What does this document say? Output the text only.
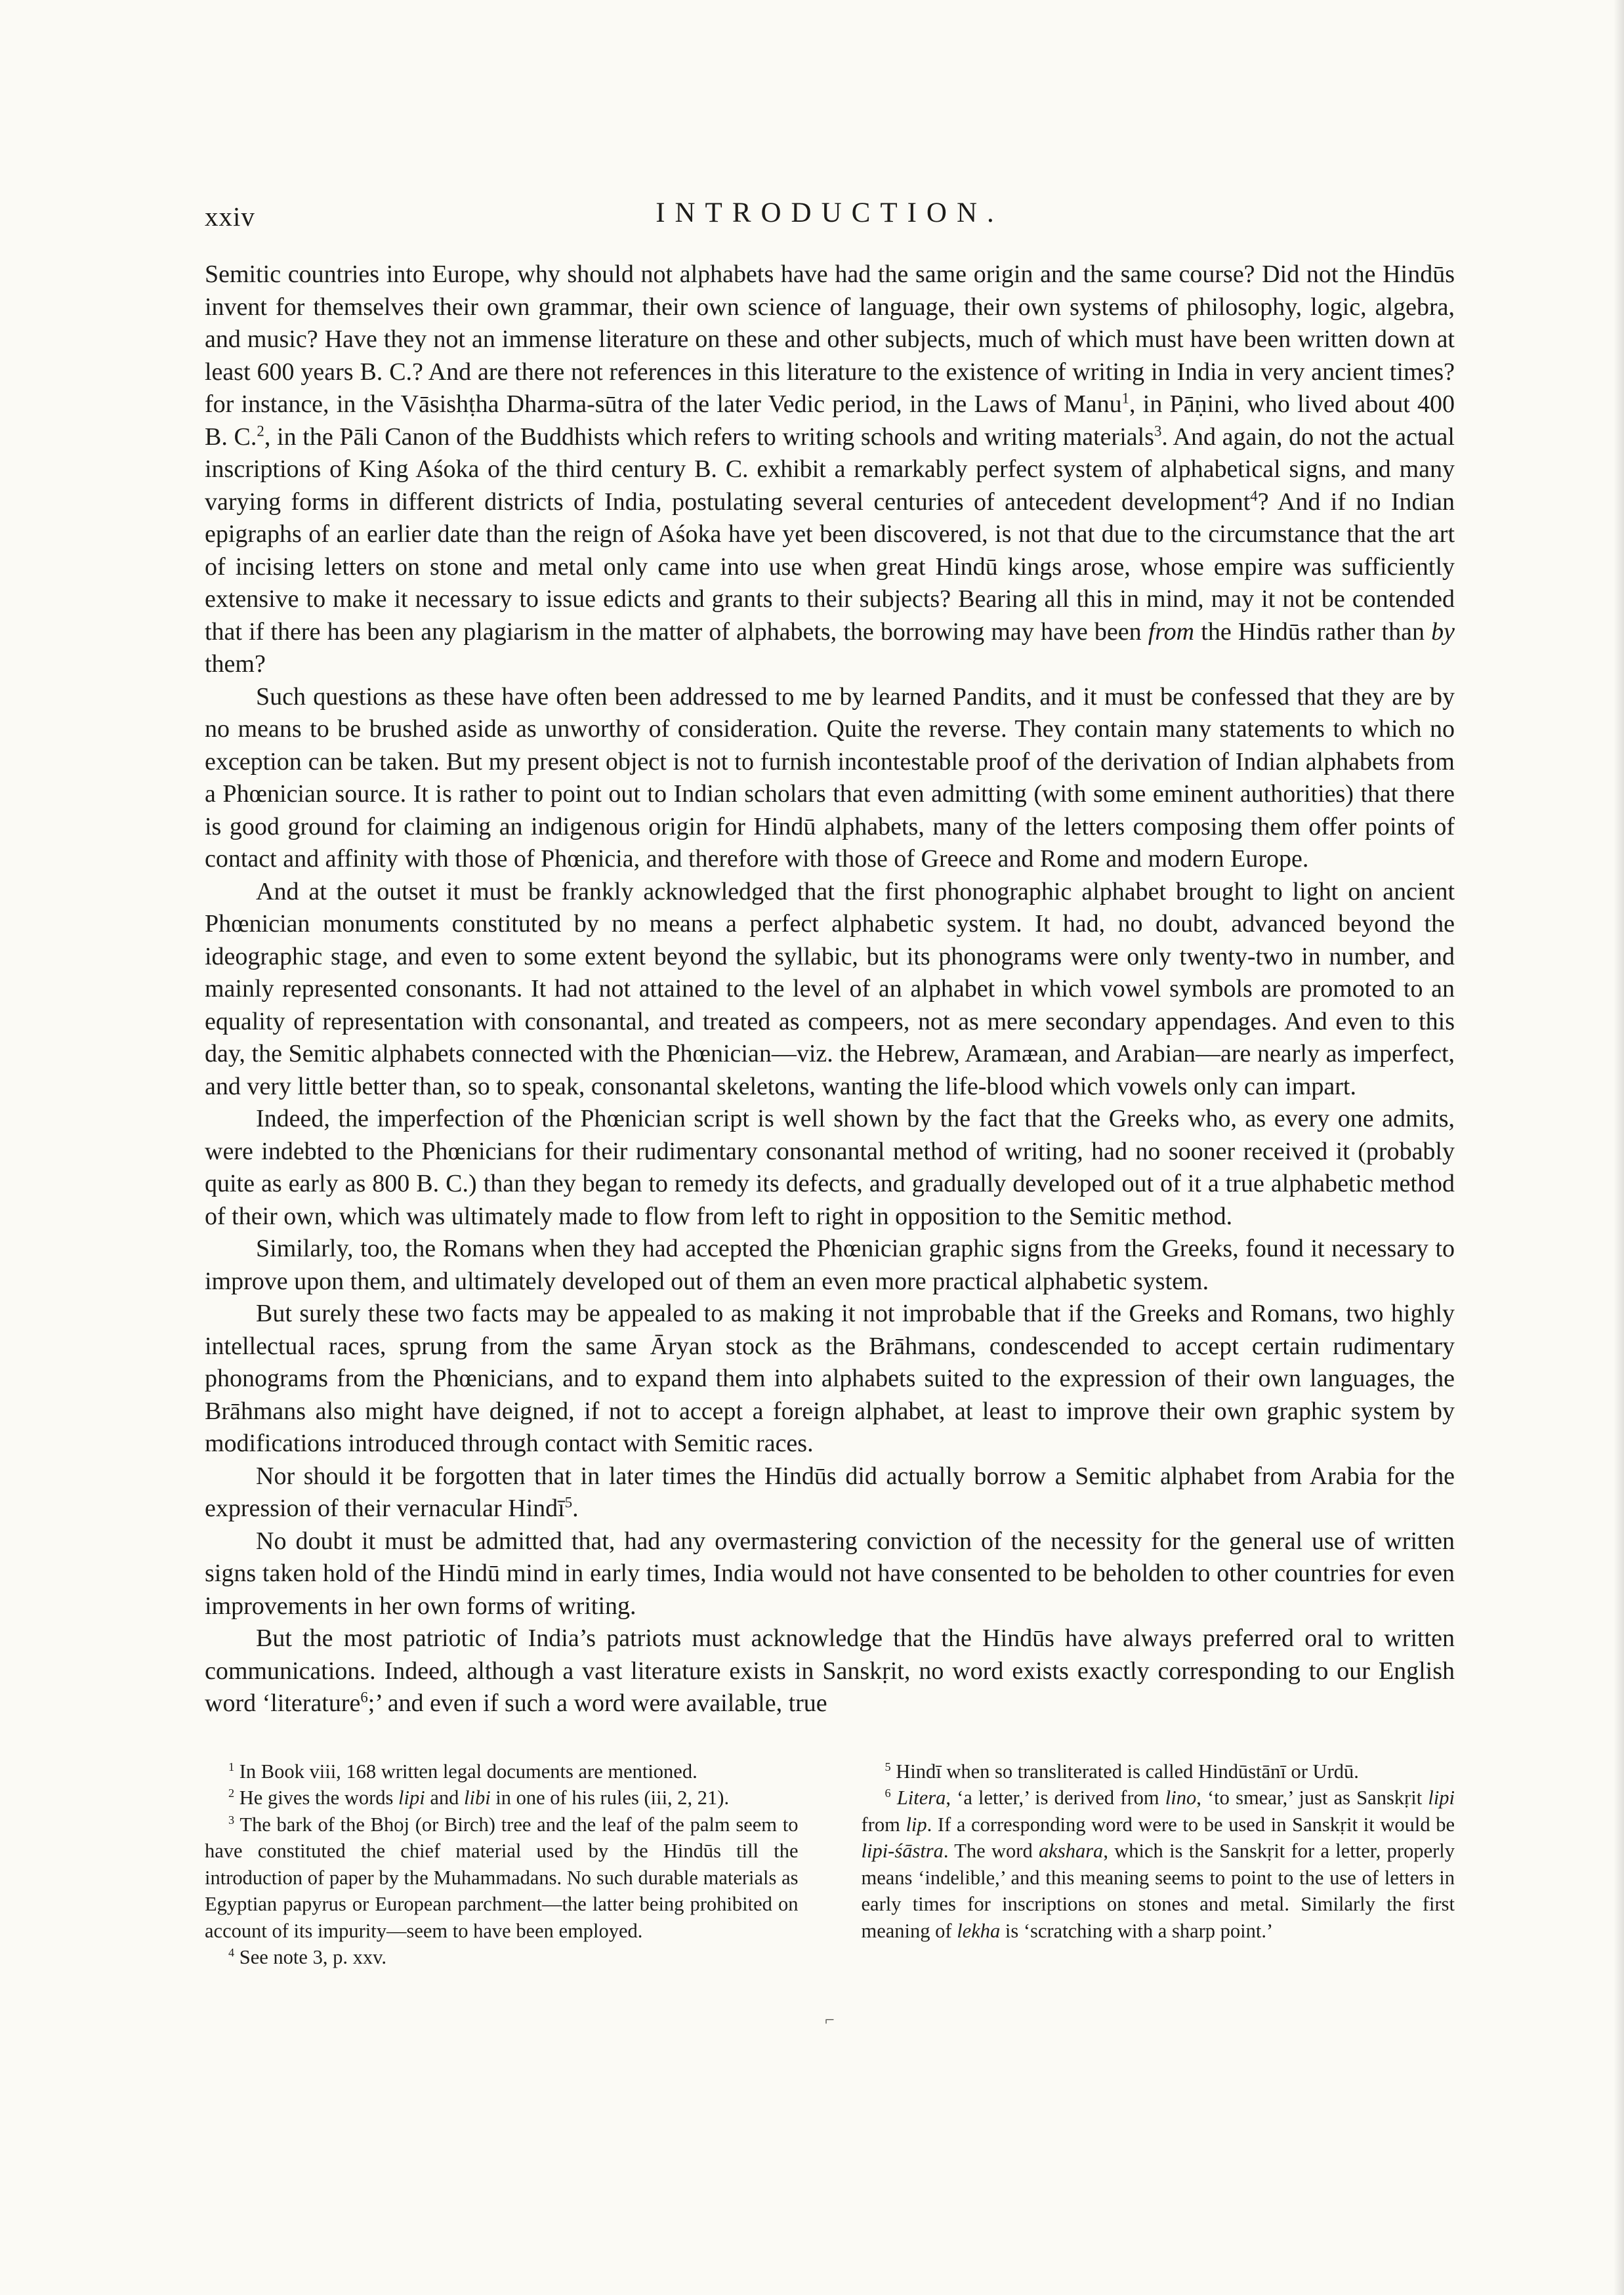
xxiv	INTRODUCTION.

Semitic countries into Europe, why should not alphabets have had the same origin and the same course? Did not the Hindūs invent for themselves their own grammar, their own science of language, their own systems of philosophy, logic, algebra, and music? Have they not an immense literature on these and other subjects, much of which must have been written down at least 600 years B. C.? And are there not references in this literature to the existence of writing in India in very ancient times? for instance, in the Vāsishṭha Dharma-sūtra of the later Vedic period, in the Laws of Manu$^1$, in Pāṇini, who lived about 400 B. C.$^2$, in the Pāli Canon of the Buddhists which refers to writing schools and writing materials$^3$. And again, do not the actual inscriptions of King Aśoka of the third century B. C. exhibit a remarkably perfect system of alphabetical signs, and many varying forms in different districts of India, postulating several centuries of antecedent development$^4$? And if no Indian epigraphs of an earlier date than the reign of Aśoka have yet been discovered, is not that due to the circumstance that the art of incising letters on stone and metal only came into use when great Hindū kings arose, whose empire was sufficiently extensive to make it necessary to issue edicts and grants to their subjects? Bearing all this in mind, may it not be contended that if there has been any plagiarism in the matter of alphabets, the borrowing may have been from the Hindūs rather than by them?

Such questions as these have often been addressed to me by learned Pandits, and it must be confessed that they are by no means to be brushed aside as unworthy of consideration. Quite the reverse. They contain many statements to which no exception can be taken. But my present object is not to furnish incontestable proof of the derivation of Indian alphabets from a Phœnician source. It is rather to point out to Indian scholars that even admitting (with some eminent authorities) that there is good ground for claiming an indigenous origin for Hindū alphabets, many of the letters composing them offer points of contact and affinity with those of Phœnicia, and therefore with those of Greece and Rome and modern Europe.

And at the outset it must be frankly acknowledged that the first phonographic alphabet brought to light on ancient Phœnician monuments constituted by no means a perfect alphabetic system. It had, no doubt, advanced beyond the ideographic stage, and even to some extent beyond the syllabic, but its phonograms were only twenty-two in number, and mainly represented consonants. It had not attained to the level of an alphabet in which vowel symbols are promoted to an equality of representation with consonantal, and treated as compeers, not as mere secondary appendages. And even to this day, the Semitic alphabets connected with the Phœnician—viz. the Hebrew, Aramæan, and Arabian—are nearly as imperfect, and very little better than, so to speak, consonantal skeletons, wanting the life-blood which vowels only can impart.

Indeed, the imperfection of the Phœnician script is well shown by the fact that the Greeks who, as every one admits, were indebted to the Phœnicians for their rudimentary consonantal method of writing, had no sooner received it (probably quite as early as 800 B. C.) than they began to remedy its defects, and gradually developed out of it a true alphabetic method of their own, which was ultimately made to flow from left to right in opposition to the Semitic method.

Similarly, too, the Romans when they had accepted the Phœnician graphic signs from the Greeks, found it necessary to improve upon them, and ultimately developed out of them an even more practical alphabetic system.

But surely these two facts may be appealed to as making it not improbable that if the Greeks and Romans, two highly intellectual races, sprung from the same Āryan stock as the Brāhmans, condescended to accept certain rudimentary phonograms from the Phœnicians, and to expand them into alphabets suited to the expression of their own languages, the Brāhmans also might have deigned, if not to accept a foreign alphabet, at least to improve their own graphic system by modifications introduced through contact with Semitic races.

Nor should it be forgotten that in later times the Hindūs did actually borrow a Semitic alphabet from Arabia for the expression of their vernacular Hindī$^5$.

No doubt it must be admitted that, had any overmastering conviction of the necessity for the general use of written signs taken hold of the Hindū mind in early times, India would not have consented to be beholden to other countries for even improvements in her own forms of writing.

But the most patriotic of India’s patriots must acknowledge that the Hindūs have always preferred oral to written communications. Indeed, although a vast literature exists in Sanskṛit, no word exists exactly corresponding to our English word ‘literature$^6$;’ and even if such a word were available, true

$^1$ In Book viii, 168 written legal documents are mentioned.

$^2$ He gives the words lipi and libi in one of his rules (iii, 2, 21).

$^3$ The bark of the Bhoj (or Birch) tree and the leaf of the palm seem to have constituted the chief material used by the Hindūs till the introduction of paper by the Muhammadans. No such durable materials as Egyptian papyrus or European parchment—the latter being prohibited on account of its impurity—seem to have been employed.

$^4$ See note 3, p. xxv.

$^5$ Hindī when so transliterated is called Hindūstānī or Urdū.

$^6$ Litera, ‘a letter,’ is derived from lino, ‘to smear,’ just as Sanskṛit lipi from lip. If a corresponding word were to be used in Sanskṛit it would be lipi-śāstra. The word akshara, which is the Sanskṛit for a letter, properly means ‘indelible,’ and this meaning seems to point to the use of letters in early times for inscriptions on stones and metal. Similarly the first meaning of lekha is ‘scratching with a sharp point.’

⌐
